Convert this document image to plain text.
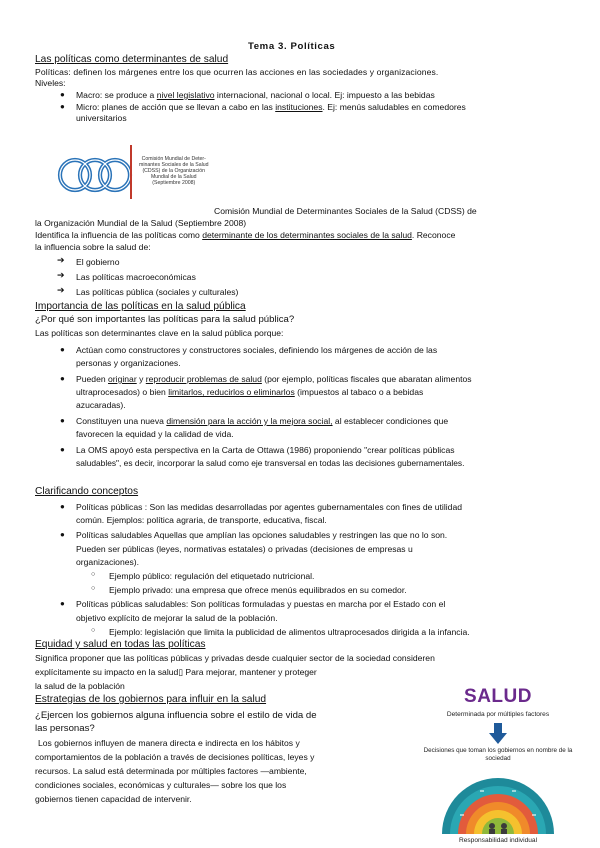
Tema 3. Políticas
Las políticas como determinantes de salud
Políticas: definen los márgenes entre los que ocurren las acciones en las sociedades y organizaciones.
Niveles:
● Macro: se produce a nivel legislativo internacional, nacional o local. Ej: impuesto a las bebidas
● Micro: planes de acción que se llevan a cabo en las instituciones. Ej: menús saludables en comedores
universitarios
Comisión Mundial de Deter-
minantes Sociales de la Salud
(CDSS) de la Organización
Mundial de la Salud
(Septiembre 2008)
Comisión Mundial de Determinantes Sociales de la Salud (CDSS) de
la Organización Mundial de la Salud (Septiembre 2008)
Identifica la influencia de las políticas como determinante de los determinantes sociales de la salud. Reconoce
la influencia sobre la salud de:
➔ El gobierno
➔ Las políticas macroeconómicas
➔ Las políticas pública (sociales y culturales)
Importancia de las políticas en la salud pública
¿Por qué son importantes las políticas para la salud pública?
Las políticas son determinantes clave en la salud pública porque:
● Actúan como constructores y constructores sociales, definiendo los márgenes de acción de las
personas y organizaciones.
● Pueden originar y reproducir problemas de salud (por ejemplo, políticas fiscales que abaratan alimentos
ultraprocesados) o bien limitarlos, reducirlos o eliminarlos (impuestos al tabaco o a bebidas
azucaradas).
● Constituyen una nueva dimensión para la acción y la mejora social, al establecer condiciones que
favorecen la equidad y la calidad de vida.
● La OMS apoyó esta perspectiva en la Carta de Ottawa (1986) proponiendo "crear políticas públicas
saludables", es decir, incorporar la salud como eje transversal en todas las decisiones gubernamentales.
Clarificando conceptos
● Políticas públicas : Son las medidas desarrolladas por agentes gubernamentales con fines de utilidad
común. Ejemplos: política agraria, de transporte, educativa, fiscal.
● Políticas saludables Aquellas que amplían las opciones saludables y restringen las que no lo son.
Pueden ser públicas (leyes, normativas estatales) o privadas (decisiones de empresas u
organizaciones).
○ Ejemplo público: regulación del etiquetado nutricional.
○ Ejemplo privado: una empresa que ofrece menús equilibrados en su comedor.
● Políticas públicas saludables: Son políticas formuladas y puestas en marcha por el Estado con el
objetivo explícito de mejorar la salud de la población.
○ Ejemplo: legislación que limita la publicidad de alimentos ultraprocesados dirigida a la infancia.
Equidad y salud en todas las políticas
Significa proponer que las políticas públicas y privadas desde cualquier sector de la sociedad consideren
explícitamente su impacto en la salud▯ Para mejorar, mantener y proteger
la salud de la población
Estrategias de los gobiernos para influir en la salud
¿Ejercen los gobiernos alguna influencia sobre el estilo de vida de
las personas?
Los gobiernos influyen de manera directa e indirecta en los hábitos y
comportamientos de la población a través de decisiones políticas, leyes y
recursos. La salud está determinada por múltiples factores —ambiente,
condiciones sociales, económicas y culturales— sobre los que los
gobiernos tienen capacidad de intervenir.
SALUD
Determinada por múltiples factores
Decisiones que toman los gobiernos en nombre de la
sociedad
Responsabilidad individual
